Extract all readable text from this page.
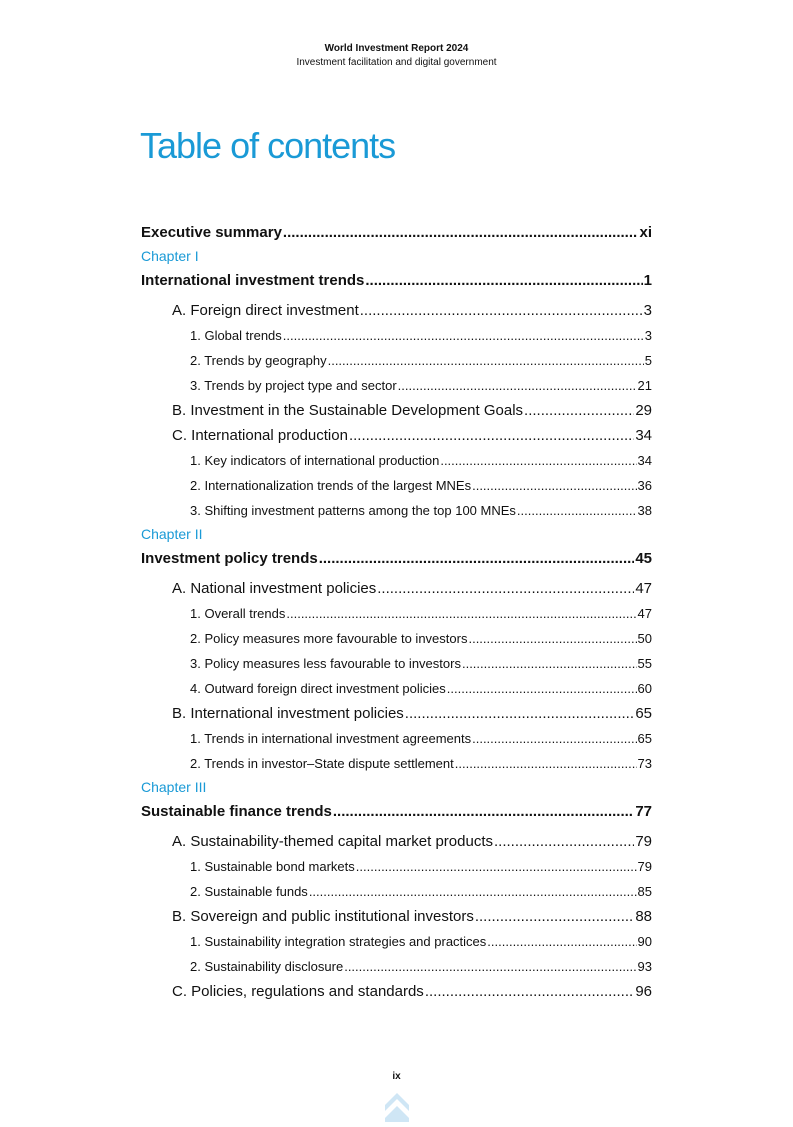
World Investment Report 2024
Investment facilitation and digital government
Table of contents
Executive summary .....	xi
Chapter I
International investment trends .....	1
A. Foreign direct investment .....	3
1. Global trends .....	3
2. Trends by geography .....	5
3. Trends by project type and sector .....	21
B. Investment in the Sustainable Development Goals .....	29
C. International production .....	34
1. Key indicators of international production .....	34
2. Internationalization trends of the largest MNEs .....	36
3. Shifting investment patterns among the top 100 MNEs .....	38
Chapter II
Investment policy trends .....	45
A. National investment policies .....	47
1. Overall trends .....	47
2. Policy measures more favourable to investors .....	50
3. Policy measures less favourable to investors .....	55
4. Outward foreign direct investment policies .....	60
B. International investment policies .....	65
1. Trends in international investment agreements .....	65
2. Trends in investor–State dispute settlement .....	73
Chapter III
Sustainable finance trends .....	77
A. Sustainability-themed capital market products .....	79
1. Sustainable bond markets .....	79
2. Sustainable funds .....	85
B. Sovereign and public institutional investors .....	88
1. Sustainability integration strategies and practices .....	90
2. Sustainability disclosure .....	93
C. Policies, regulations and standards .....	96
ix
